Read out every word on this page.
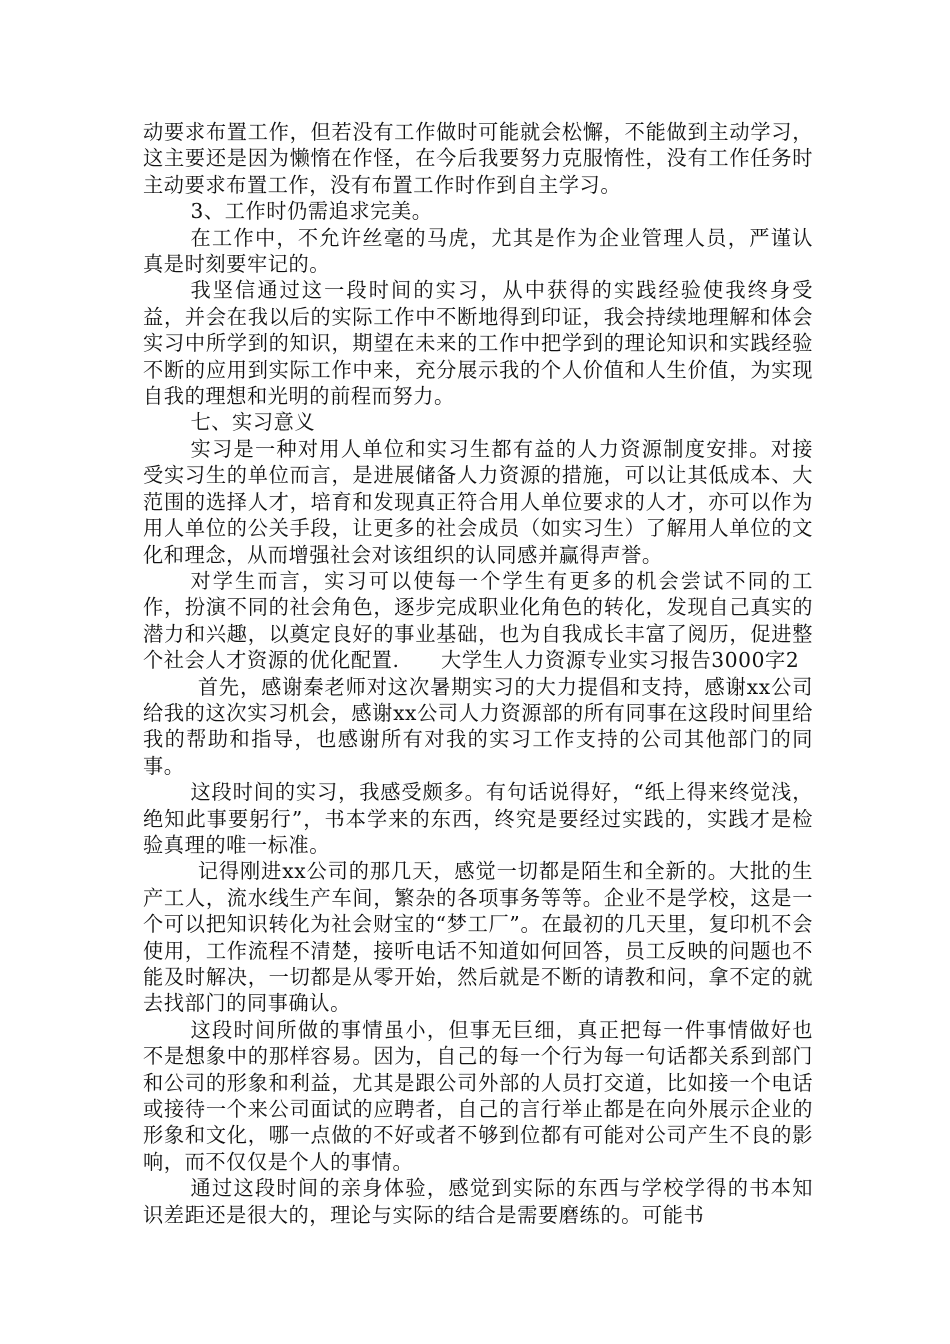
动要求布置工作，但若没有工作做时可能就会松懈，不能做到主动学习，这主要还是因为懒惰在作怪，在今后我要努力克服惰性，没有工作任务时主动要求布置工作，没有布置工作时作到自主学习。

3、工作时仍需追求完美。

在工作中，不允许丝毫的马虎，尤其是作为企业管理人员，严谨认真是时刻要牢记的。

我坚信通过这一段时间的实习，从中获得的实践经验使我终身受益，并会在我以后的实际工作中不断地得到印证，我会持续地理解和体会实习中所学到的知识，期望在未来的工作中把学到的理论知识和实践经验不断的应用到实际工作中来，充分展示我的个人价值和人生价值，为实现自我的理想和光明的前程而努力。

七、实习意义

实习是一种对用人单位和实习生都有益的人力资源制度安排。对接受实习生的单位而言，是进展储备人力资源的措施，可以让其低成本、大范围的选择人才，培育和发现真正符合用人单位要求的人才，亦可以作为用人单位的公关手段，让更多的社会成员（如实习生）了解用人单位的文化和理念，从而增强社会对该组织的认同感并赢得声誉。

对学生而言，实习可以使每一个学生有更多的机会尝试不同的工作，扮演不同的社会角色，逐步完成职业化角色的转化，发现自己真实的潜力和兴趣，以奠定良好的事业基础，也为自我成长丰富了阅历，促进整个社会人才资源的优化配置.　　大学生人力资源专业实习报告3000字2

首先，感谢秦老师对这次暑期实习的大力提倡和支持，感谢xx公司给我的这次实习机会，感谢xx公司人力资源部的所有同事在这段时间里给我的帮助和指导，也感谢所有对我的实习工作支持的公司其他部门的同事。

这段时间的实习，我感受颇多。有句话说得好，“纸上得来终觉浅，绝知此事要躬行”，书本学来的东西，终究是要经过实践的，实践才是检验真理的唯一标准。

记得刚进xx公司的那几天，感觉一切都是陌生和全新的。大批的生产工人，流水线生产车间，繁杂的各项事务等等。企业不是学校，这是一个可以把知识转化为社会财宝的“梦工厂”。在最初的几天里，复印机不会使用，工作流程不清楚，接听电话不知道如何回答，员工反映的问题也不能及时解决，一切都是从零开始，然后就是不断的请教和问，拿不定的就去找部门的同事确认。

这段时间所做的事情虽小，但事无巨细，真正把每一件事情做好也不是想象中的那样容易。因为，自己的每一个行为每一句话都关系到部门和公司的形象和利益，尤其是跟公司外部的人员打交道，比如接一个电话或接待一个来公司面试的应聘者，自己的言行举止都是在向外展示企业的形象和文化，哪一点做的不好或者不够到位都有可能对公司产生不良的影响，而不仅仅是个人的事情。

通过这段时间的亲身体验，感觉到实际的东西与学校学得的书本知识差距还是很大的，理论与实际的结合是需要磨练的。可能书
